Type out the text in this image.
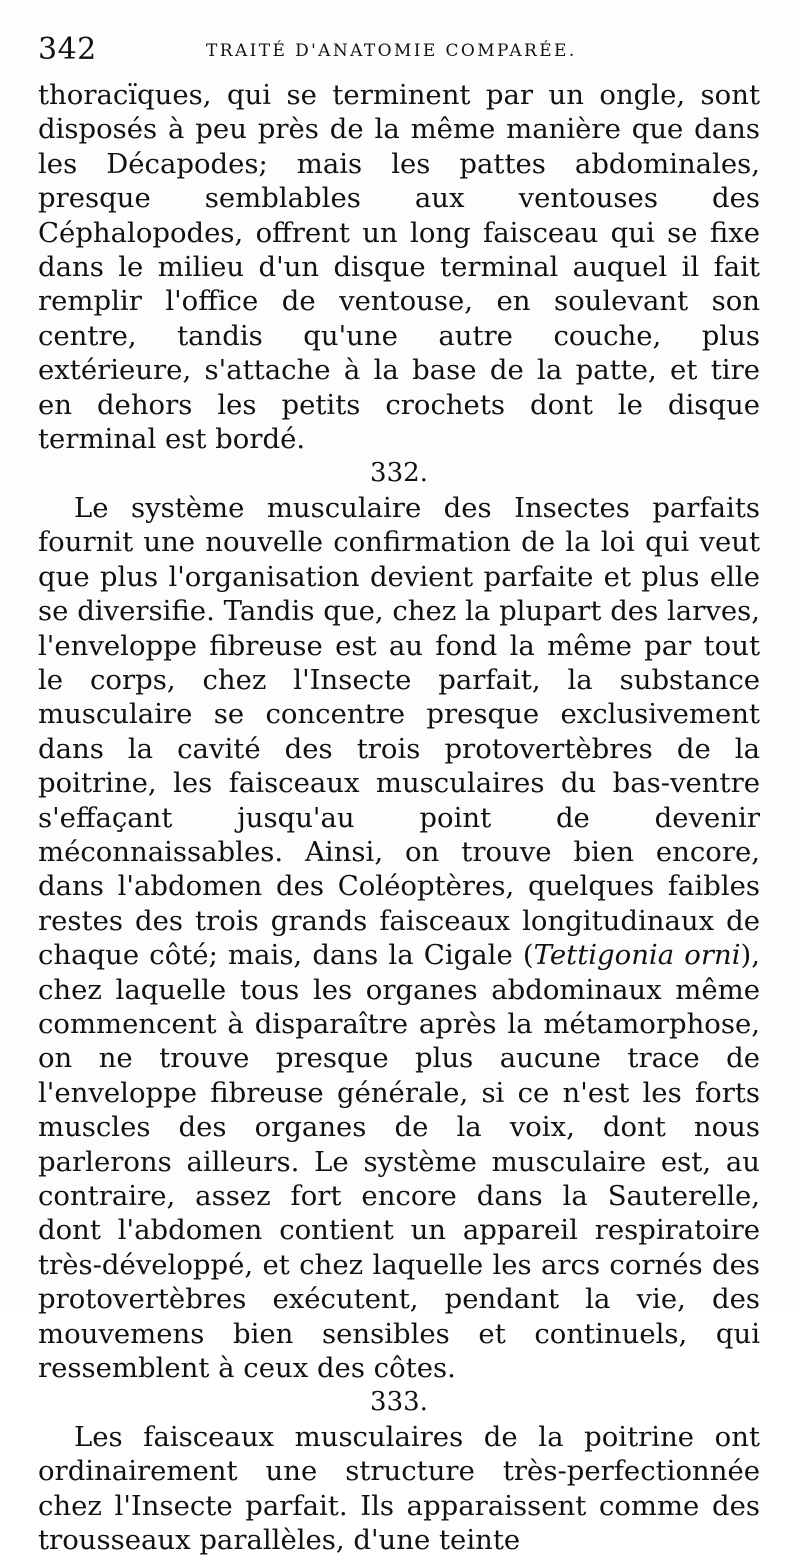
342	TRAITÉ D'ANATOMIE COMPARÉE.

thoracïques, qui se terminent par un ongle, sont disposés à peu près de la même manière que dans les Décapodes; mais les pattes abdominales, presque semblables aux ventouses des Céphalopodes, offrent un long faisceau qui se fixe dans le milieu d'un disque terminal auquel il fait remplir l'office de ventouse, en soulevant son centre, tandis qu'une autre couche, plus extérieure, s'attache à la base de la patte, et tire en dehors les petits crochets dont le disque terminal est bordé.

332.

Le système musculaire des Insectes parfaits fournit une nouvelle confirmation de la loi qui veut que plus l'organisation devient parfaite et plus elle se diversifie. Tandis que, chez la plupart des larves, l'enveloppe fibreuse est au fond la même par tout le corps, chez l'Insecte parfait, la substance musculaire se concentre presque exclusivement dans la cavité des trois protovertèbres de la poitrine, les faisceaux musculaires du bas-ventre s'effaçant jusqu'au point de devenir méconnaissables. Ainsi, on trouve bien encore, dans l'abdomen des Coléoptères, quelques faibles restes des trois grands faisceaux longitudinaux de chaque côté; mais, dans la Cigale (Tettigonia orni), chez laquelle tous les organes abdominaux même commencent à disparaître après la métamorphose, on ne trouve presque plus aucune trace de l'enveloppe fibreuse générale, si ce n'est les forts muscles des organes de la voix, dont nous parlerons ailleurs. Le système musculaire est, au contraire, assez fort encore dans la Sauterelle, dont l'abdomen contient un appareil respiratoire très-développé, et chez laquelle les arcs cornés des protovertèbres exécutent, pendant la vie, des mouvemens bien sensibles et continuels, qui ressemblent à ceux des côtes.

333.

Les faisceaux musculaires de la poitrine ont ordinairement une structure très-perfectionnée chez l'Insecte parfait. Ils apparaissent comme des trousseaux parallèles, d'une teinte
